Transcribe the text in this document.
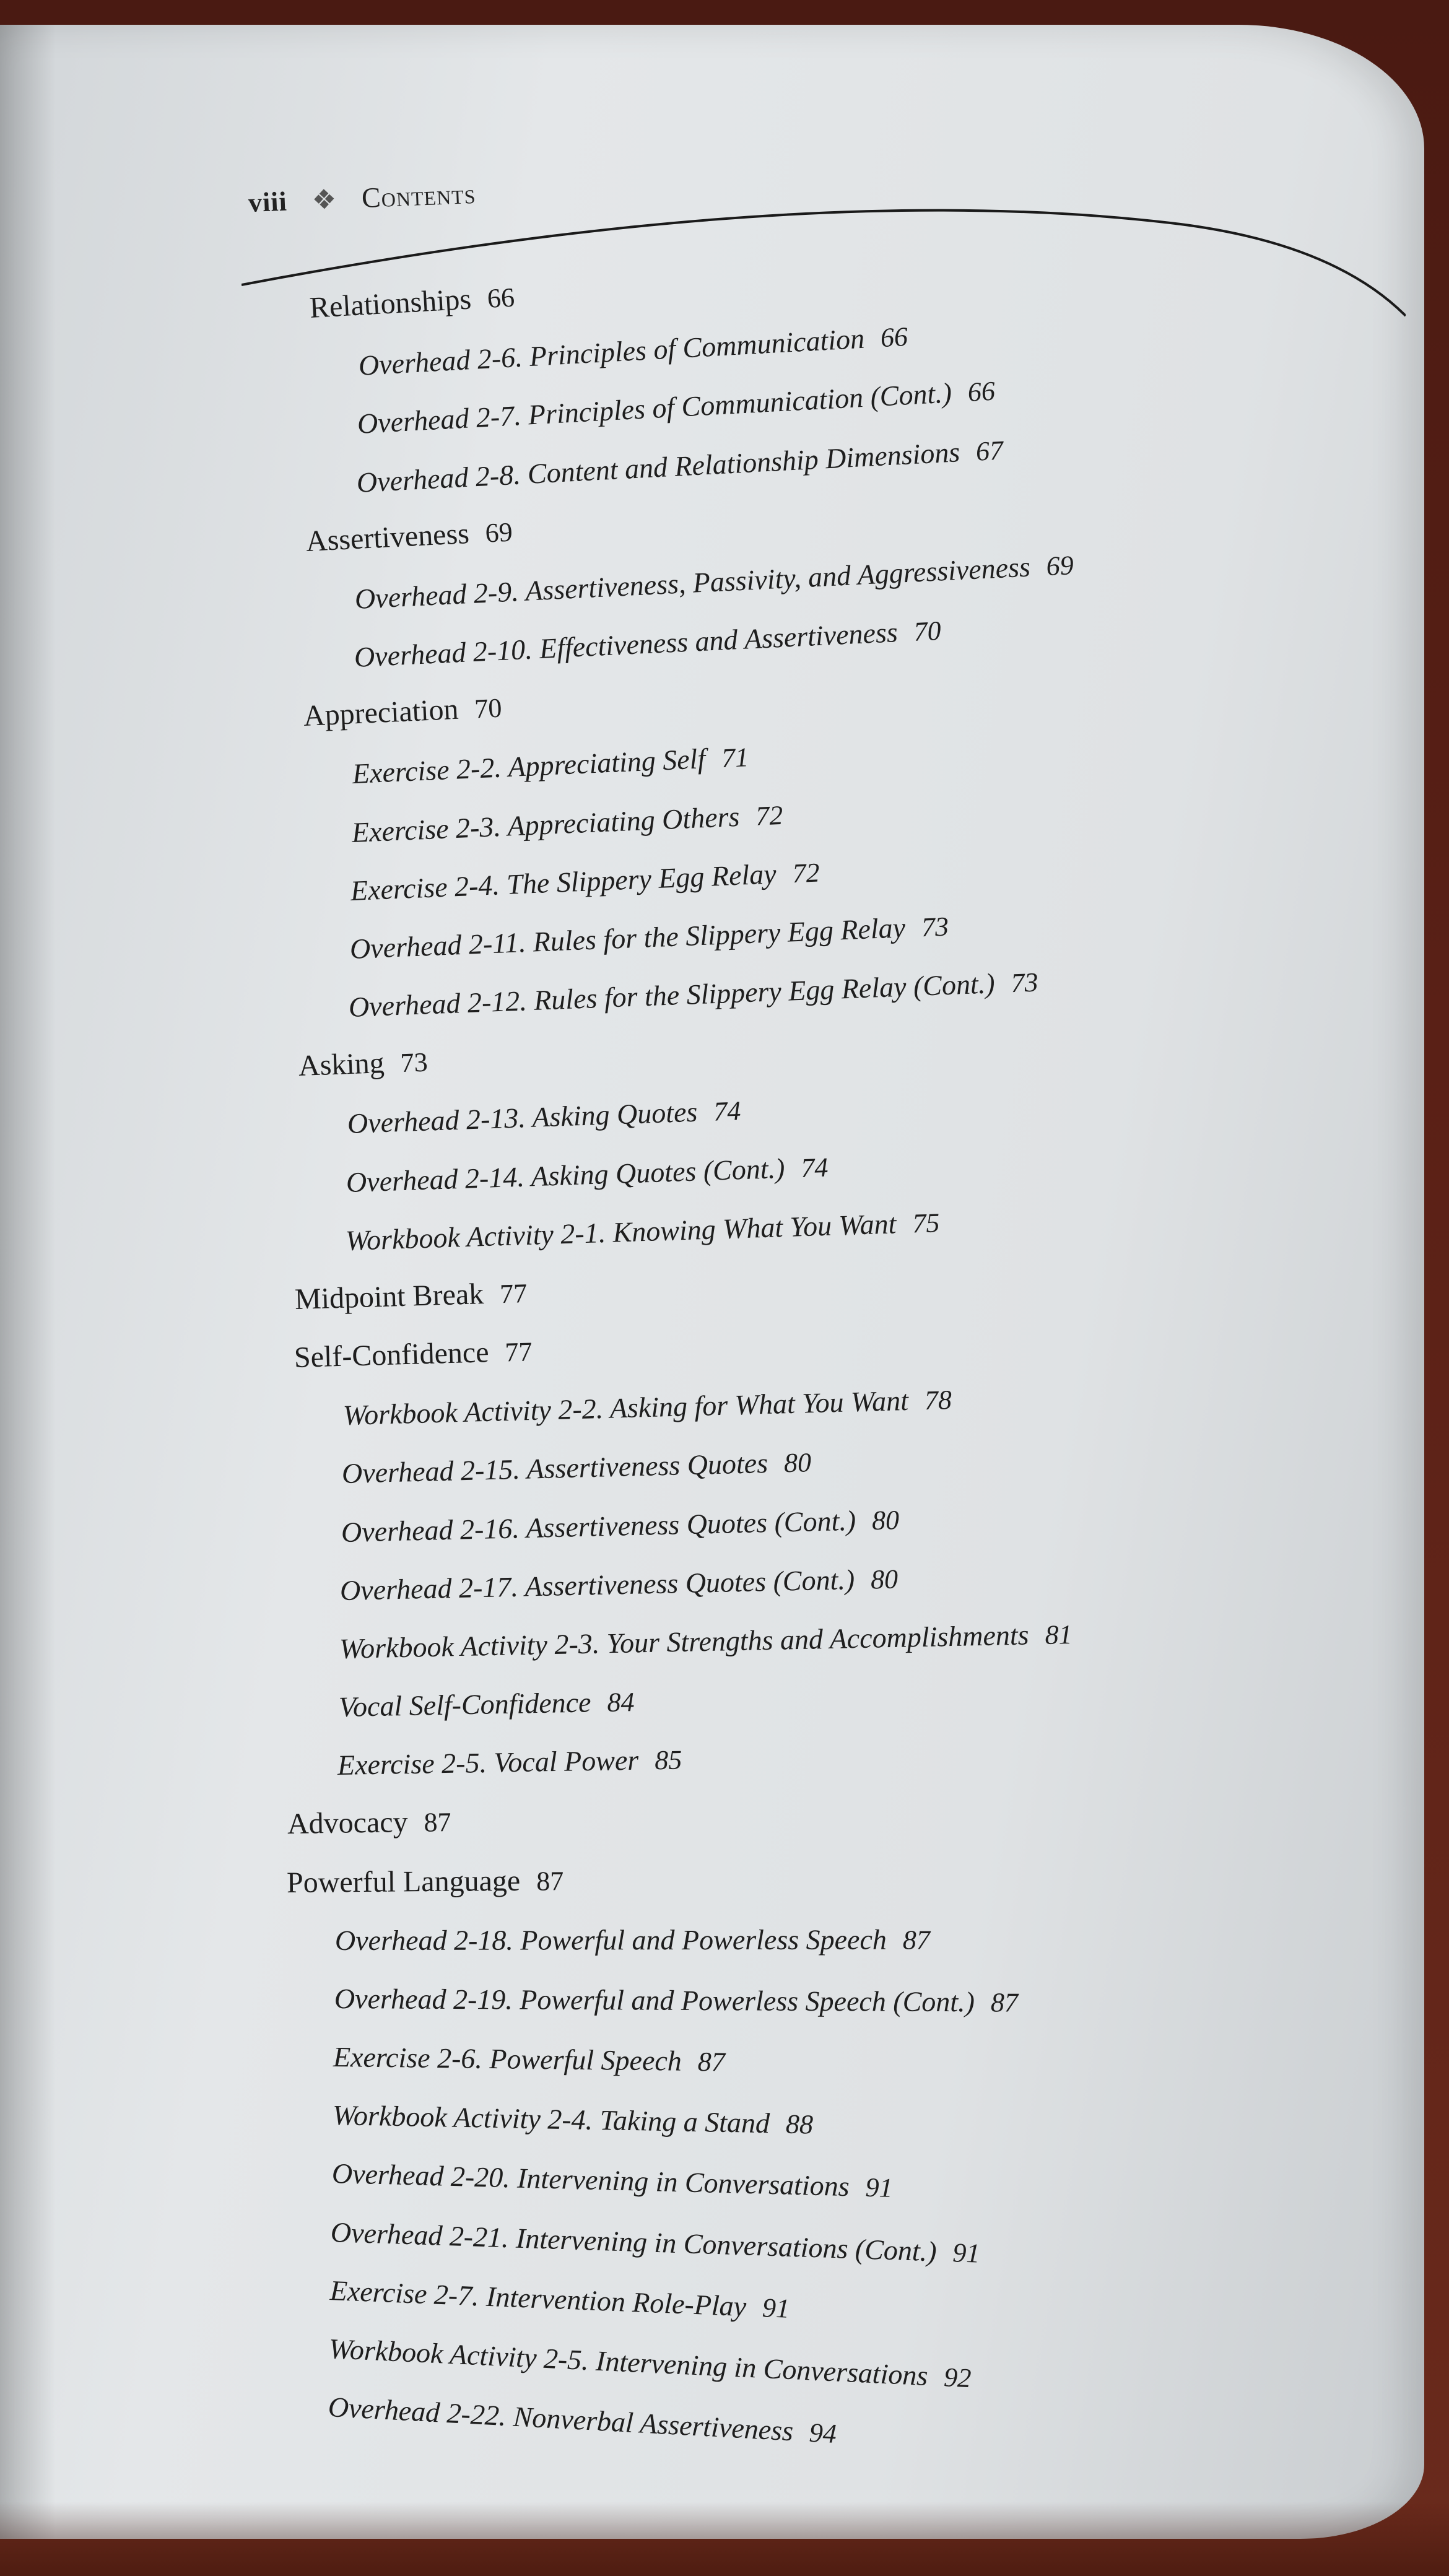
viii ❖ Contents
Relationships 66
Overhead 2-6. Principles of Communication 66
Overhead 2-7. Principles of Communication (Cont.) 66
Overhead 2-8. Content and Relationship Dimensions 67
Assertiveness 69
Overhead 2-9. Assertiveness, Passivity, and Aggressiveness 69
Overhead 2-10. Effectiveness and Assertiveness 70
Appreciation 70
Exercise 2-2. Appreciating Self 71
Exercise 2-3. Appreciating Others 72
Exercise 2-4. The Slippery Egg Relay 72
Overhead 2-11. Rules for the Slippery Egg Relay 73
Overhead 2-12. Rules for the Slippery Egg Relay (Cont.) 73
Asking 73
Overhead 2-13. Asking Quotes 74
Overhead 2-14. Asking Quotes (Cont.) 74
Workbook Activity 2-1. Knowing What You Want 75
Midpoint Break 77
Self-Confidence 77
Workbook Activity 2-2. Asking for What You Want 78
Overhead 2-15. Assertiveness Quotes 80
Overhead 2-16. Assertiveness Quotes (Cont.) 80
Overhead 2-17. Assertiveness Quotes (Cont.) 80
Workbook Activity 2-3. Your Strengths and Accomplishments 81
Vocal Self-Confidence 84
Exercise 2-5. Vocal Power 85
Advocacy 87
Powerful Language 87
Overhead 2-18. Powerful and Powerless Speech 87
Overhead 2-19. Powerful and Powerless Speech (Cont.) 87
Exercise 2-6. Powerful Speech 87
Workbook Activity 2-4. Taking a Stand 88
Overhead 2-20. Intervening in Conversations 91
Overhead 2-21. Intervening in Conversations (Cont.) 91
Exercise 2-7. Intervention Role-Play 91
Workbook Activity 2-5. Intervening in Conversations 92
Overhead 2-22. Nonverbal Assertiveness 94
